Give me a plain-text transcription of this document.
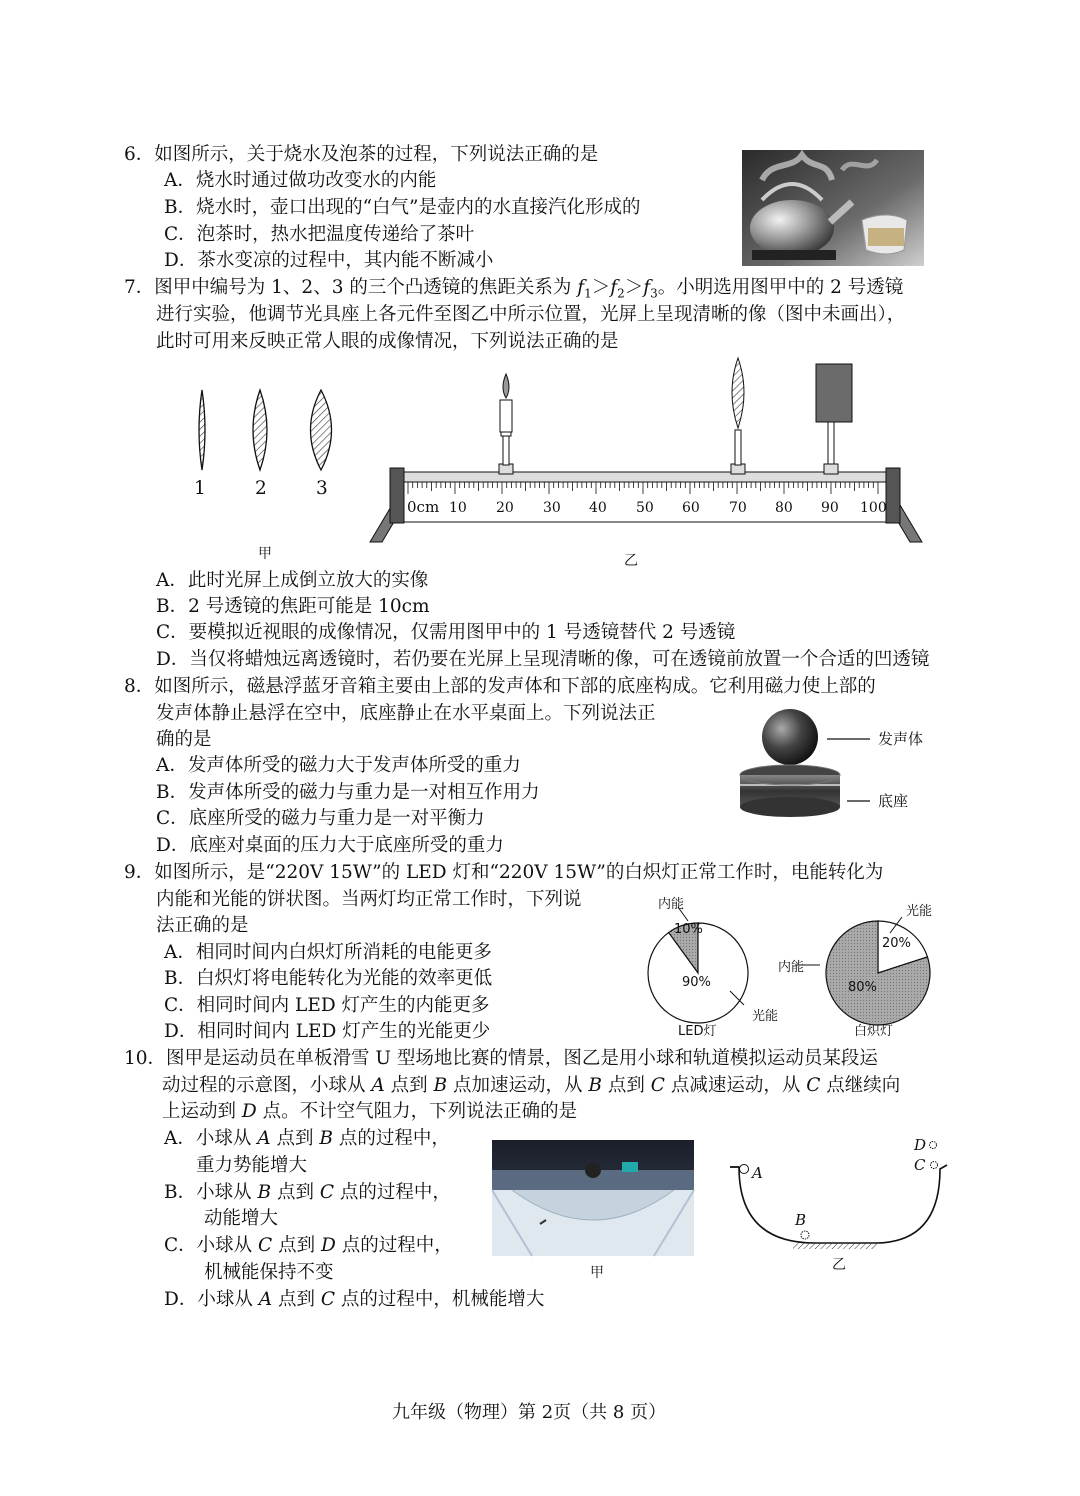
6．如图所示，关于烧水及泡茶的过程，下列说法正确的是
A．烧水时通过做功改变水的内能
B．烧水时，壶口出现的“白气”是壶内的水直接汽化形成的
C．泡茶时，热水把温度传递给了茶叶
D．茶水变凉的过程中，其内能不断减小
7．图甲中编号为 1、2、3 的三个凸透镜的焦距关系为 $f_1>f_2>f_3$。小明选用图甲中的 2 号透镜
进行实验，他调节光具座上各元件至图乙中所示位置，光屏上呈现清晰的像（图中未画出），
此时可用来反映正常人眼的成像情况，下列说法正确的是
1	2	3
甲	乙
0cm 10 20 30 40 50 60 70 80 90 100
A．此时光屏上成倒立放大的实像
B．2 号透镜的焦距可能是 10cm
C．要模拟近视眼的成像情况，仅需用图甲中的 1 号透镜替代 2 号透镜
D．当仅将蜡烛远离透镜时，若仍要在光屏上呈现清晰的像，可在透镜前放置一个合适的凹透镜
8．如图所示，磁悬浮蓝牙音箱主要由上部的发声体和下部的底座构成。它利用磁力使上部的
发声体静止悬浮在空中，底座静止在水平桌面上。下列说法正
确的是
A．发声体所受的磁力大于发声体所受的重力
B．发声体所受的磁力与重力是一对相互作用力
C．底座所受的磁力与重力是一对平衡力
D．底座对桌面的压力大于底座所受的重力
发声体
底座
9．如图所示，是“220V 15W”的 LED 灯和“220V 15W”的白炽灯正常工作时，电能转化为
内能和光能的饼状图。当两灯均正常工作时，下列说
法正确的是
A．相同时间内白炽灯所消耗的电能更多
B．白炽灯将电能转化为光能的效率更低
C．相同时间内 LED 灯产生的内能更多
D．相同时间内 LED 灯产生的光能更少
内能
10%
90%
光能
LED灯
光能
20%
内能
80%
白炽灯
10．图甲是运动员在单板滑雪 U 型场地比赛的情景，图乙是用小球和轨道模拟运动员某段运
动过程的示意图，小球从 A 点到 B 点加速运动，从 B 点到 C 点减速运动，从 C 点继续向
上运动到 D 点。不计空气阻力，下列说法正确的是
A．小球从 A 点到 B 点的过程中，
重力势能增大
B．小球从 B 点到 C 点的过程中，
动能增大
C．小球从 C 点到 D 点的过程中，
机械能保持不变
D．小球从 A 点到 C 点的过程中，机械能增大
甲
A
B
C
D
乙
九年级（物理）第 2页（共 8 页）
